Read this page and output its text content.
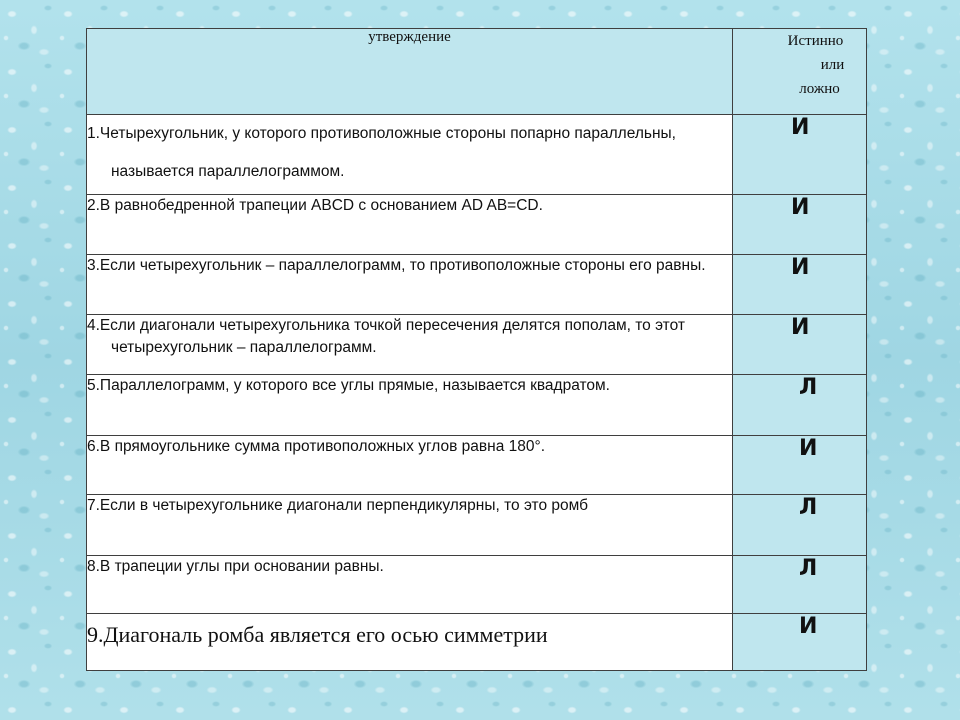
утверждение	Истинно
или
ложно

1.Четырехугольник, у которого противоположные стороны попарно параллельны, называется параллелограммом.	И

2.В равнобедренной трапеции ABCD с основанием AD AB=CD.	И

3.Если четырехугольник – параллелограмм, то противоположные стороны его равны.	И

4.Если диагонали четырехугольника точкой пересечения делятся пополам, то этот четырехугольник – параллелограмм.	И

5.Параллелограмм, у которого все углы прямые, называется квадратом.	Л

6.В прямоугольнике сумма противоположных углов равна 180°.	И

7.Если в четырехугольнике диагонали перпендикулярны, то это ромб	Л

8.В трапеции углы при основании равны.	Л

9.Диагональ ромба является его осью симметрии	И
